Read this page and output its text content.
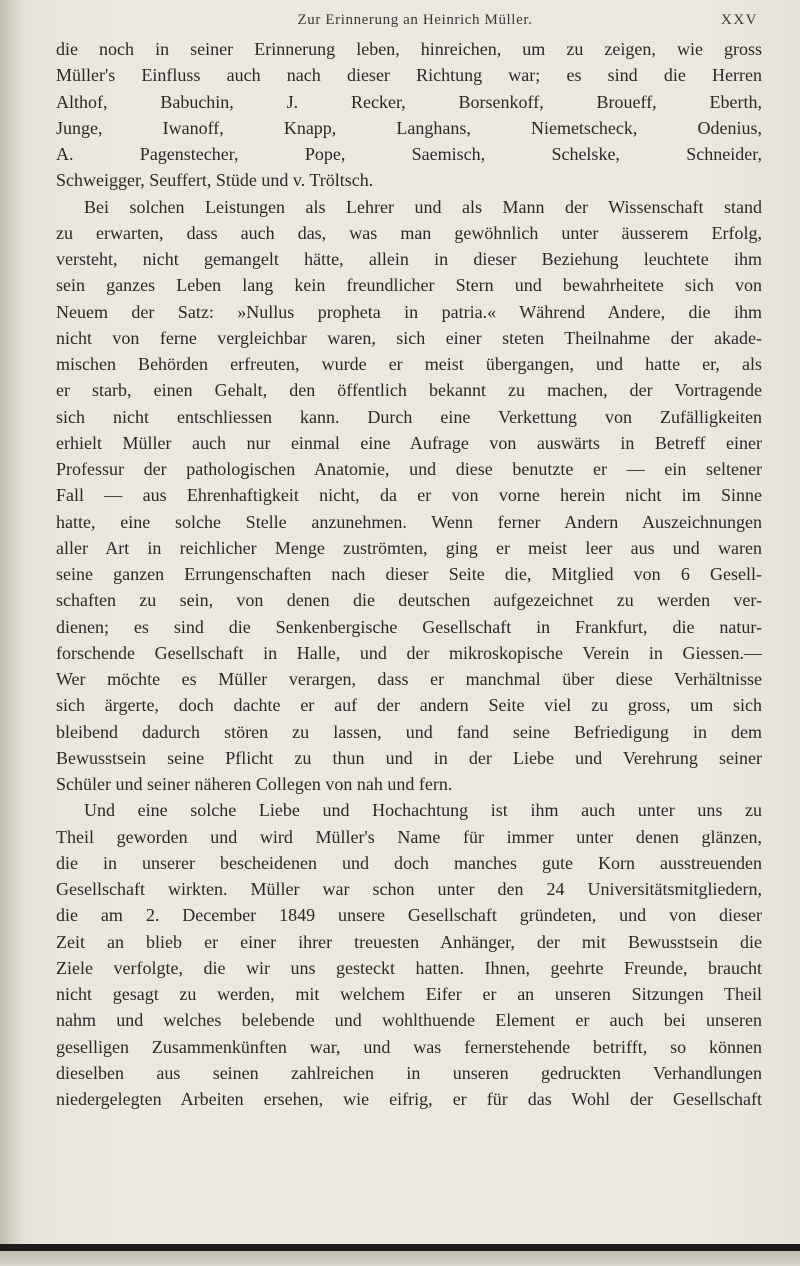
Zur Erinnerung an Heinrich Müller.	XXV
die noch in seiner Erinnerung leben, hinreichen, um zu zeigen, wie gross
Müller's Einfluss auch nach dieser Richtung war; es sind die Herren
Althof, Babuchin, J. Recker, Borsenkoff, Broueff, Eberth,
Junge, Iwanoff, Knapp, Langhans, Niemetscheck, Odenius,
A. Pagenstecher, Pope, Saemisch, Schelske, Schneider,
Schweigger, Seuffert, Stüde und v. Tröltsch.
Bei solchen Leistungen als Lehrer und als Mann der Wissenschaft stand
zu erwarten, dass auch das, was man gewöhnlich unter äusserem Erfolg,
versteht, nicht gemangelt hätte, allein in dieser Beziehung leuchtete ihm
sein ganzes Leben lang kein freundlicher Stern und bewahrheitete sich von
Neuem der Satz: »Nullus propheta in patria.« Während Andere, die ihm
nicht von ferne vergleichbar waren, sich einer steten Theilnahme der akade-
mischen Behörden erfreuten, wurde er meist übergangen, und hatte er, als
er starb, einen Gehalt, den öffentlich bekannt zu machen, der Vortragende
sich nicht entschliessen kann. Durch eine Verkettung von Zufälligkeiten
erhielt Müller auch nur einmal eine Aufrage von auswärts in Betreff einer
Professur der pathologischen Anatomie, und diese benutzte er — ein seltener
Fall — aus Ehrenhaftigkeit nicht, da er von vorne herein nicht im Sinne
hatte, eine solche Stelle anzunehmen. Wenn ferner Andern Auszeichnungen
aller Art in reichlicher Menge zuströmten, ging er meist leer aus und waren
seine ganzen Errungenschaften nach dieser Seite die, Mitglied von 6 Gesell-
schaften zu sein, von denen die deutschen aufgezeichnet zu werden ver-
dienen; es sind die Senkenbergische Gesellschaft in Frankfurt, die natur-
forschende Gesellschaft in Halle, und der mikroskopische Verein in Giessen.—
Wer möchte es Müller verargen, dass er manchmal über diese Verhältnisse
sich ärgerte, doch dachte er auf der andern Seite viel zu gross, um sich
bleibend dadurch stören zu lassen, und fand seine Befriedigung in dem
Bewusstsein seine Pflicht zu thun und in der Liebe und Verehrung seiner
Schüler und seiner näheren Collegen von nah und fern.
Und eine solche Liebe und Hochachtung ist ihm auch unter uns zu
Theil geworden und wird Müller's Name für immer unter denen glänzen,
die in unserer bescheidenen und doch manches gute Korn ausstreuenden
Gesellschaft wirkten. Müller war schon unter den 24 Universitätsmitgliedern,
die am 2. December 1849 unsere Gesellschaft gründeten, und von dieser
Zeit an blieb er einer ihrer treuesten Anhänger, der mit Bewusstsein die
Ziele verfolgte, die wir uns gesteckt hatten. Ihnen, geehrte Freunde, braucht
nicht gesagt zu werden, mit welchem Eifer er an unseren Sitzungen Theil
nahm und welches belebende und wohlthuende Element er auch bei unseren
geselligen Zusammenkünften war, und was fernerstehende betrifft, so können
dieselben aus seinen zahlreichen in unseren gedruckten Verhandlungen
niedergelegten Arbeiten ersehen, wie eifrig, er für das Wohl der Gesellschaft
